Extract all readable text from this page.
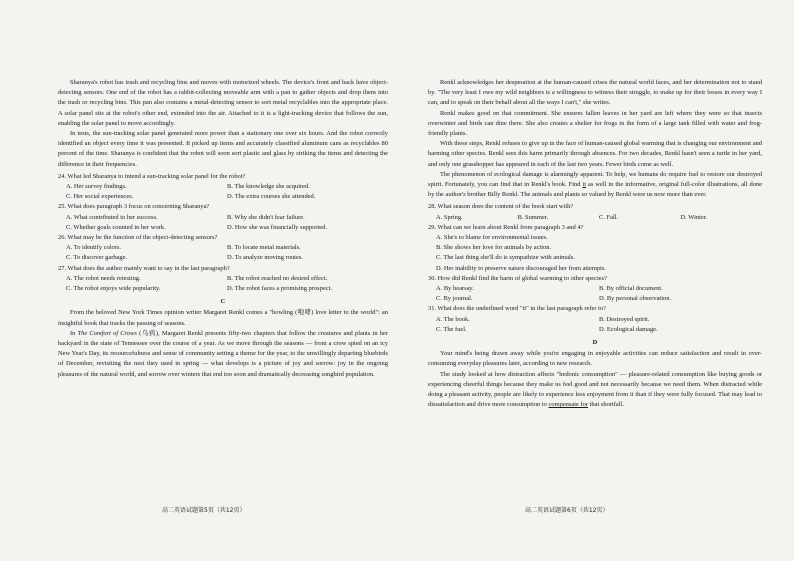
Sharanya's robot has trash and recycling bins and moves with motorized wheels. The device's front and back have object-detecting sensors. One end of the robot has a rabbit-collecting moveable arm with a pan to gather objects and drop them into the trash or recycling bins. This pan also contains a metal-detecting sensor to sort metal recyclables into the appropriate place. A solar panel sits at the robot's other end, extended into the air. Attached to it is a light-tracking device that follows the sun, enabling the solar panel to move accordingly.

In tests, the sun-tracking solar panel generated more power than a stationary one over six hours. And the robot correctly identified an object every time it was presented. It picked up items and accurately classified aluminum cans as recyclables 80 percent of the time. Sharanya is confident that the robot will soon sort plastic and glass by striking the items and detecting the difference in their frequencies.

24. What led Sharanya to intend a sun-tracking solar panel for the robot?
A. Her survey findings.	B. The knowledge she acquired.
C. Her social experiences.	D. The extra courses she attended.
25. What does paragraph 3 focus on concerning Sharanya?
A. What contributed to her success.	B. Why she didn't fear failure.
C. Whether goals counted in her work.	D. How she was financially supported.
26. What may be the function of the object-detecting sensors?
A. To identify colors.	B. To locate metal materials.
C. To discover garbage.	D. To analyze moving routes.
27. What does the author mainly want to say in the last paragraph?
A. The robot needs retesting.	B. The robot reached no desired effect.
C. The robot enjoys wide popularity.	D. The robot faces a promising prospect.
C

From the beloved New York Times opinion writer Margaret Renkl comes a "howling (咆哮) love letter to the world": an insightful book that tracks the passing of seasons.

In The Comfort of Crows (乌鸦), Margaret Renkl presents fifty-two chapters that follow the creatures and plants in her backyard in the state of Tennessee over the course of a year. As we move through the seasons — from a crow spied on an icy New Year's Day, its resourcefulness and sense of community setting a theme for the year, to the unwillingly departing bluebirds of December, revisiting the nest they used in spring — what develops is a picture of joy and sorrow: joy in the ongoing pleasures of the natural world, and sorrow over winters that end too soon and dramatically decreasing songbird population.

Renkl acknowledges her desperation at the human-caused crises the natural world faces, and her determination not to stand by. "The very least I owe my wild neighbors is a willingness to witness their struggle, to make up for their losses in every way I can, and to speak on their behalf about all the ways I can't," she writes.

Renkl makes good on that commitment. She ensures fallen leaves in her yard are left where they were so that insects overwinter and birds can dine there. She also creates a shelter for frogs in the form of a large tank filled with water and frog-friendly plants.

With these steps, Renkl refuses to give up in the face of human-caused global warming that is changing our environment and harming other species. Renkl sees this harm primarily through absences. For two decades, Renkl hasn't seen a turtle in her yard, and only one grasshopper has appeared in each of the last two years. Fewer birds come as well.

The phenomenon of ecological damage is alarmingly apparent. To help, we humans do require fuel to restore our destroyed spirit. Fortunately, you can find that in Renkl's book. Find it as well in the informative, original full-color illustrations, all done by the author's brother Billy Renkl. The animals and plants so valued by Renkl were us now more than ever.

28. What season does the content of the book start with?
A. Spring.	B. Summer.	C. Fall.	D. Winter.
29. What can we learn about Renkl from paragraph 3 and 4?
A. She's to blame for environmental issues.
B. She shows her love for animals by action.
C. The last thing she'll do is sympathize with animals.
D. Her inability to preserve nature discouraged her from attempts.
30. How did Renkl find the harm of global warming to other species?
A. By hearsay.	B. By official document.
C. By journal.	D. By personal observation.
31. What does the underlined word "it" in the last paragraph refer to?
A. The book.	B. Destroyed spirit.
C. The fuel.	D. Ecological damage.
D

Your mind's being drawn away while you're engaging in enjoyable activities can reduce satisfaction and result in over-consuming everyday pleasures later, according to new research.

The study looked at how distraction affects "hedonic consumption" — pleasure-related consumption like buying goods or experiencing cheerful things because they make us feel good and not necessarily because we need them. When distracted while doing a pleasant activity, people are likely to experience less enjoyment from it than if they were fully focused. That may lead to dissatisfaction and drive more consumption to compensate for that shortfall.

高二英语试题第5页（共12页）	高二英语试题第6页（共12页）
